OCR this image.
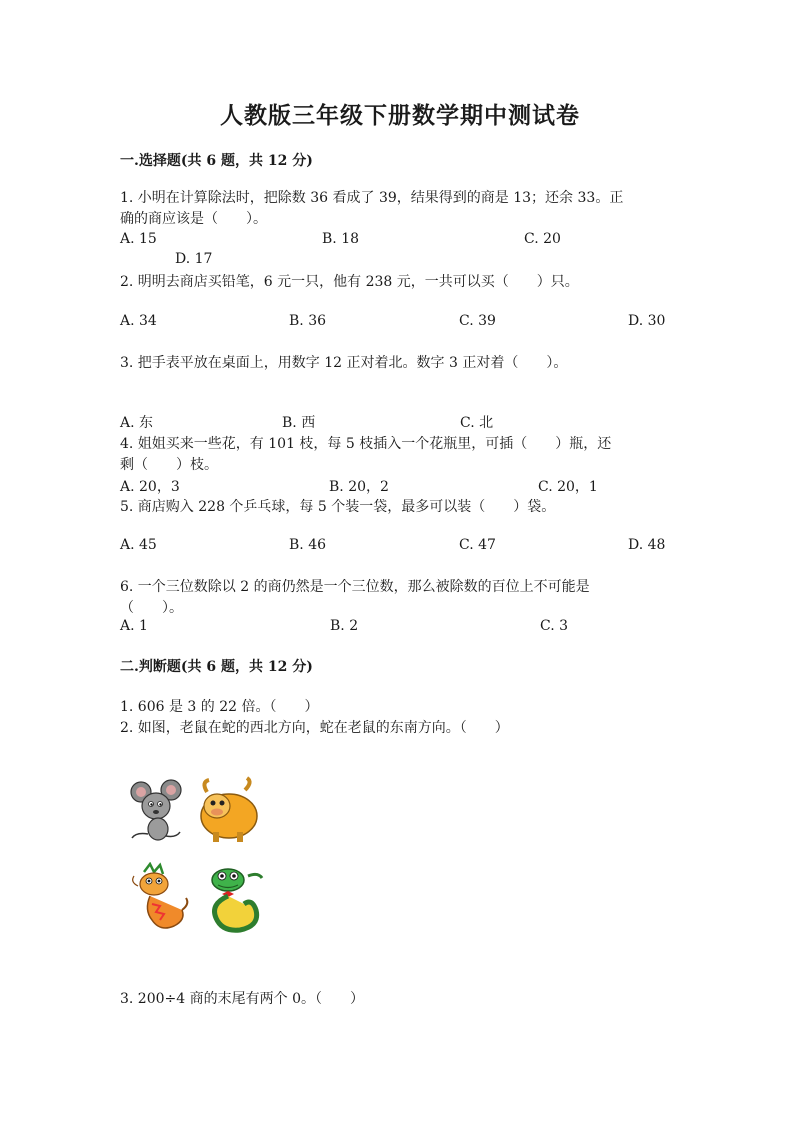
人教版三年级下册数学期中测试卷
一.选择题(共 6 题，共 12 分)
1. 小明在计算除法时，把除数 36 看成了 39，结果得到的商是 13；还余 33。正
确的商应该是（　　）。
A. 15	B. 18	C. 20
D. 17
2. 明明去商店买铅笔，6 元一只，他有 238 元，一共可以买（　　）只。
A. 34	B. 36	C. 39	D. 30
3. 把手表平放在桌面上，用数字 12 正对着北。数字 3 正对着（　　）。
A. 东	B. 西	C. 北
4. 姐姐买来一些花，有 101 枝，每 5 枝插入一个花瓶里，可插（　　）瓶，还
剩（　　）枝。
A. 20，3	B. 20，2	C. 20，1
5. 商店购入 228 个乒乓球，每 5 个装一袋，最多可以装（　　）袋。
A. 45	B. 46	C. 47	D. 48
6. 一个三位数除以 2 的商仍然是一个三位数，那么被除数的百位上不可能是
（　　）。
A. 1	B. 2	C. 3
二.判断题(共 6 题，共 12 分)
1. 606 是 3 的 22 倍。（　　）
2. 如图，老鼠在蛇的西北方向，蛇在老鼠的东南方向。（　　）
3. 200÷4 商的末尾有两个 0。（　　）
